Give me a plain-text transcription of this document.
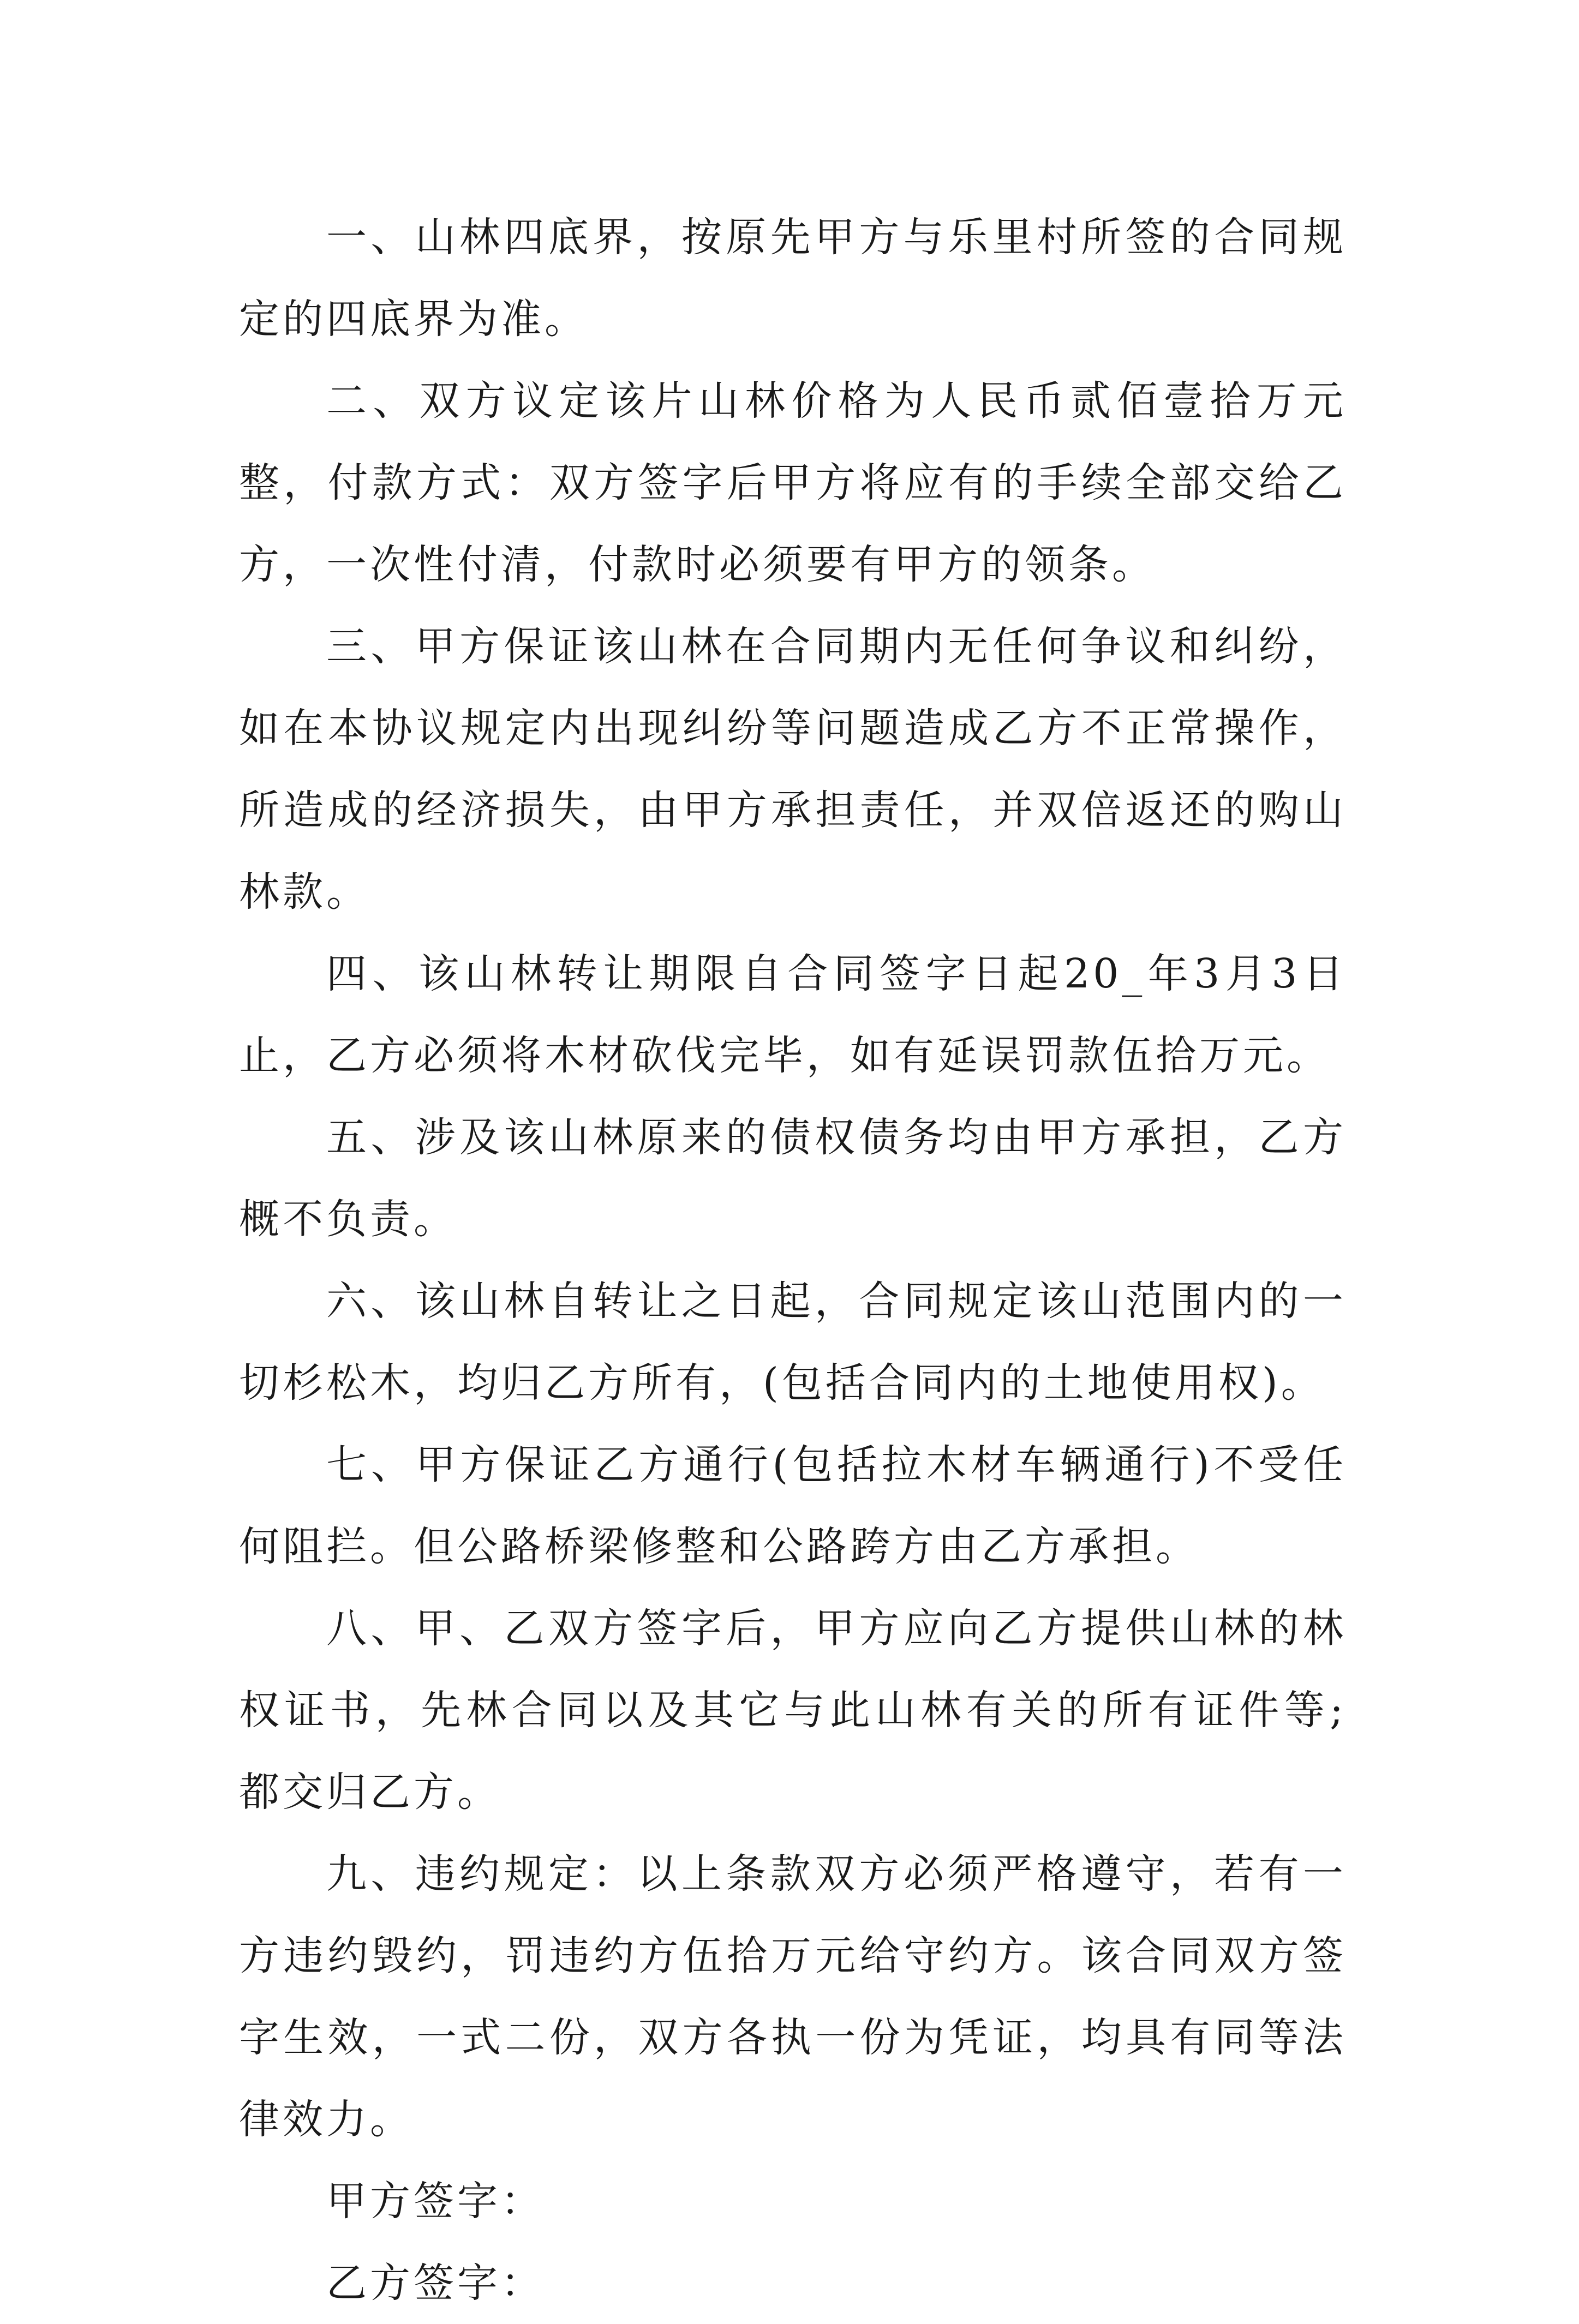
一、山林四底界，按原先甲方与乐里村所签的合同规定的四底界为准。

二、双方议定该片山林价格为人民币贰佰壹拾万元整，付款方式：双方签字后甲方将应有的手续全部交给乙方，一次性付清，付款时必须要有甲方的领条。

三、甲方保证该山林在合同期内无任何争议和纠纷，如在本协议规定内出现纠纷等问题造成乙方不正常操作，所造成的经济损失，由甲方承担责任，并双倍返还的购山林款。

四、该山林转让期限自合同签字日起20_年3月3日止，乙方必须将木材砍伐完毕，如有延误罚款伍拾万元。

五、涉及该山林原来的债权债务均由甲方承担，乙方概不负责。

六、该山林自转让之日起，合同规定该山范围内的一切杉松木，均归乙方所有，(包括合同内的土地使用权)。

七、甲方保证乙方通行(包括拉木材车辆通行)不受任何阻拦。但公路桥梁修整和公路跨方由乙方承担。

八、甲、乙双方签字后，甲方应向乙方提供山林的林权证书，先林合同以及其它与此山林有关的所有证件等;都交归乙方。

九、违约规定：以上条款双方必须严格遵守，若有一方违约毁约，罚违约方伍拾万元给守约方。该合同双方签字生效，一式二份，双方各执一份为凭证，均具有同等法律效力。

甲方签字：

乙方签字：
